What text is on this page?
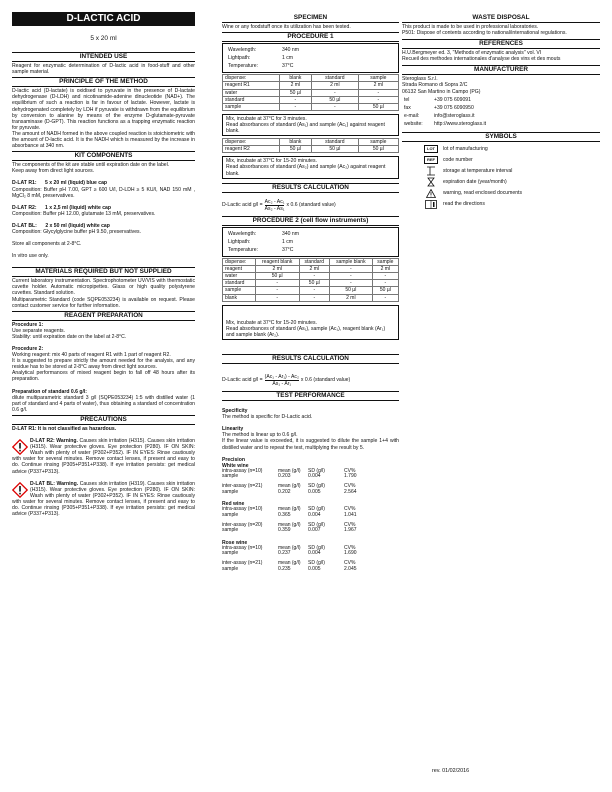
D-LACTIC ACID
5 x 20 ml
INTENDED USE

Reagent for enzymatic determination of D-lactic acid in food-stuff and other sample material.

PRINCIPLE OF THE METHOD

D-lactic acid (D-lactate) is oxidised to pyruvate in the presence of D-lactate dehydrogenase (D-LDH) and nicotinamide-adenine dinucleotide (NAD+). The equilibrium of such a reaction is far in favour of lactate. However, lactate is dehydrogenated completely by LDH if pyruvate is withdrawn from the equilibrium by conversion to alanine by means of the enzyme D-glutamate-pyruvate transaminase (D-GPT). This reaction functions as a trapping enzymatic reaction for pyruvate.

The amount of NADH formed in the above coupled reaction is stoichiometric with the amount of D-lactic acid. It is the NADH which is measured by the increase in absorbance at 340 nm.

KIT COMPONENTS

The components of the kit are stable until expiration date on the label.

Keep away from direct light sources.

D-LAT R1: 5 x 20 ml (liquid) blue cap

Composition: Buffer pH 7.00, GPT ≥ 600 U/l, D-LDH ≥ 5 KU/l, NAD 150 mM , MgCl₂ 8 mM, preservatives.

D-LAT R2: 1 x 2,5 ml (liquid) white cap

Composition: Buffer pH 12.00, glutamate 13 mM, preservatives.

D-LAT BL: 2 x 50 ml (liquid) white cap

Composition: Glycylglycine buffer pH 9.50, preservatives.

Store all components at 2-8°C.

In vitro use only.

MATERIALS REQUIRED BUT NOT SUPPLIED

Current laboratory instrumentation. Spectrophotometer UV/VIS with thermostatic cuvette holder. Automatic micropipettes. Glass or high quality polystyrene cuvettes. Standard solution.

Multiparametric Standard (code SQPE053234) is available on request. Please contact customer service for further information.

REAGENT PREPARATION

Procedure 1:

Use separate reagents.

Stability: until expiration date on the label at 2-8°C.

Procedure 2:

Working reagent: mix 40 parts of reagent R1 with 1 part of reagent R2.

It is suggested to prepare strictly the amount needed for the analysis, and any residue has to be stored at 2-8°C away from direct light sources.

Analytical performances of mixed reagent begin to fall off 48 hours after its preparation.

Preparation of standard 0.6 g/l:

dilute multiparametric standard 3 g/l (SQPE053234) 1:5 with distilled water (1 part of standard and 4 parts of water), thus obtaining a standard of concentration 0.6 g/l.

PRECAUTIONS

D-LAT R1: It is not classified as hazardous.

D-LAT R2: Warning. Causes skin irritation (H315). Causes skin irritation (H315). Wear protective gloves. Eye protection (P280). IF ON SKIN: Wash with plenty of water (P302+P352). IF IN EYES: Rinse cautiously with water for several minutes. Remove contact lenses, if present and easy to do. Continue rinsing (P305+P351+P338). If eye irritation persists: get medical advice (P337+P313).

D-LAT BL: Warning. Causes skin irritation (H319). Causes skin irritation (H315). Wear protective gloves. Eye protection (P280). IF ON SKIN: Wash with plenty of water (P302+P352). IF IN EYES: Rinse cautiously with water for several minutes. Remove contact lenses, if present and easy to do. Continue rinsing (P305+P351+P338). If eye irritation persists: get medical advice (P337+P313).

SPECIMEN

Wine or any foodstuff once its utilization has been tested.

PROCEDURE 1
Wavelength:	340 nm
Lightpath:	1 cm
Temperature:	37°C
dispense:	blank	standard	sample
reagent R1	2 ml	2 ml	2 ml
water	50 µl	-	-
standard	-	50 µl	-
sample	-	-	50 µl

Mix, incubate at 37°C for 3 minutes.

Read absorbances of standard (As₁) and sample (Ac₁) against reagent blank.

dispense:	blank	standard	sample
reagent R2	50 µl	50 µl	50 µl

Mix, incubate at 37°C for 15-20 minutes.

Read absorbances of standard (As₂) and sample (Ac₂) against reagent blank.

RESULTS CALCULATION
D-Lactic acid $g/l = \frac{\text{Ac₂ - Ac₁}}{\text{As₂ - As₁}}$ x 0.6 (standard value)
PROCEDURE 2 (cell flow instruments)
Wavelength:	340 nm
Lightpath:	1 cm
Temperature:	37°C
dispense:	reagent blank	standard	sample blank	sample
reagent	2 ml	2 ml	-	2 ml
water	50 µl	-	-	-
standard	-	50 µl	-	-
sample	-	-	50 µl	50 µl
blank	-	-	2 ml	-

Mix, incubate at 37°C for 15-20 minutes.

Read absorbances of standard (As₁), sample (Ac₁), reagent blank (Ar₁) and sample blank (Ar₂).

RESULTS CALCULATION
D-Lactic acid $g/l = \frac{\text{(Ac₁ - Ar₁) - Ac₂}}{\text{As₁ - Ar₁}}$ x 0.6 (standard value)
TEST PERFORMANCE

Specificity

The method is specific for D-Lactic acid.

Linearity

The method is linear up to 0.6 g/l.

If the linear value is exceeded, it is suggested to dilute the sample 1+4 with distilled water and to repeat the test, multiplying the result by 5.

Precision

White wine

intra-assay (n=10)	mean (g/l)	SD (g/l)	CV%
sample	0.203	0.004	1.790
inter-assay (n=21)	mean (g/l)	SD (g/l)	CV%
sample	0.202	0.005	2.564

Red wine

intra-assay (n=10)	mean (g/l)	SD (g/l)	CV%
sample	0.365	0.004	1.041
inter-assay (n=20)	mean (g/l)	SD (g/l)	CV%
sample	0.359	0.007	1.967

Rose wine

intra-assay (n=10)	mean (g/l)	SD (g/l)	CV%
sample	0.237	0.004	1.690
inter-assay (n=21)	mean (g/l)	SD (g/l)	CV%
sample	0.235	0.005	2.045
WASTE DISPOSAL

This product is made to be used in professional laboratories.

P501: Dispose of contents according to national/international regulations.

REFERENCES

H.U.Bergmeyer ed. 3, "Methods of enzymatic analysis" vol. VI

Recueil des methodes internationales d'analyse des vins et des mouts

MANUFACTURER

Steroglass S.r.l.

Strada Romano di Sopra 2/C

06132 San Martino in Campo (PG)

tel	+39 075 609091
fax	+39 075 6090950
e-mail:	info@steroglass.it
website:	http://www.steroglass.it
SYMBOLS
LOT	lot of manufacturing
REF	code number
storage at temperature interval
expiration date (year/month)
warning, read enclosed documents
read the directions
rev. 01/02/2016
